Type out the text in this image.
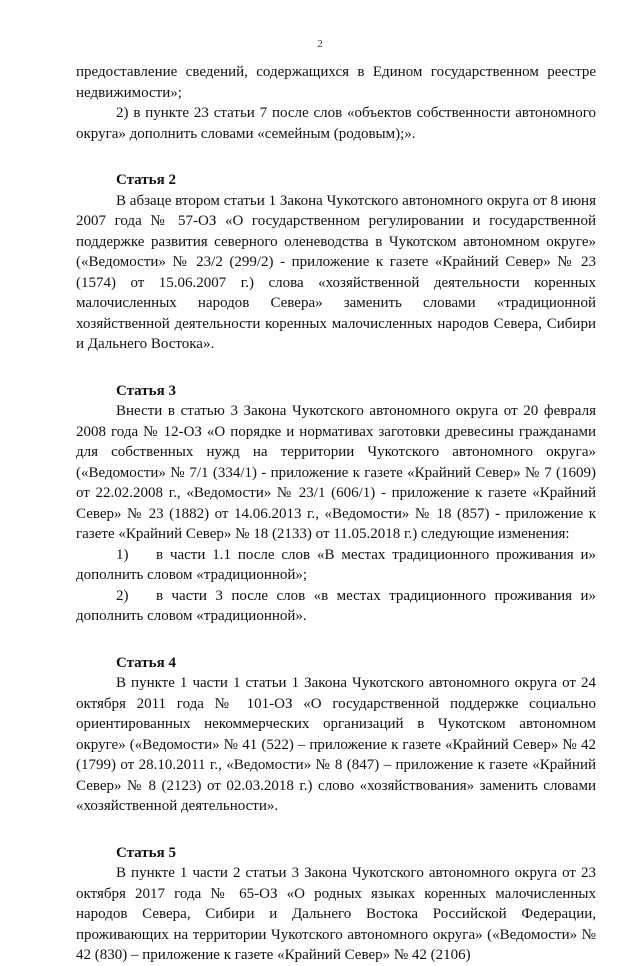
2

предоставление сведений, содержащихся в Едином государственном реестре недвижимости»;

2) в пункте 23 статьи 7 после слов «объектов собственности автономного округа» дополнить словами «семейным (родовым);».

Статья 2

В абзаце втором статьи 1 Закона Чукотского автономного округа от 8 июня 2007 года № 57-ОЗ «О государственном регулировании и государственной поддержке развития северного оленеводства в Чукотском автономном округе» («Ведомости» № 23/2 (299/2) - приложение к газете «Крайний Север» № 23 (1574) от 15.06.2007 г.) слова «хозяйственной деятельности коренных малочисленных народов Севера» заменить словами «традиционной хозяйственной деятельности коренных малочисленных народов Севера, Сибири и Дальнего Востока».

Статья 3

Внести в статью 3 Закона Чукотского автономного округа от 20 февраля 2008 года № 12-ОЗ «О порядке и нормативах заготовки древесины гражданами для собственных нужд на территории Чукотского автономного округа» («Ведомости» № 7/1 (334/1) - приложение к газете «Крайний Север» № 7 (1609) от 22.02.2008 г., «Ведомости» № 23/1 (606/1) - приложение к газете «Крайний Север» № 23 (1882) от 14.06.2013 г., «Ведомости» № 18 (857) - приложение к газете «Крайний Север» № 18 (2133) от 11.05.2018 г.) следующие изменения:

1) в части 1.1 после слов «В местах традиционного проживания и» дополнить словом «традиционной»;

2) в части 3 после слов «в местах традиционного проживания и» дополнить словом «традиционной».

Статья 4

В пункте 1 части 1 статьи 1 Закона Чукотского автономного округа от 24 октября 2011 года № 101-ОЗ «О государственной поддержке социально ориентированных некоммерческих организаций в Чукотском автономном округе» («Ведомости» № 41 (522) – приложение к газете «Крайний Север» № 42 (1799) от 28.10.2011 г., «Ведомости» № 8 (847) – приложение к газете «Крайний Север» № 8 (2123) от 02.03.2018 г.) слово «хозяйствования» заменить словами «хозяйственной деятельности».

Статья 5

В пункте 1 части 2 статьи 3 Закона Чукотского автономного округа от 23 октября 2017 года № 65-ОЗ «О родных языках коренных малочисленных народов Севера, Сибири и Дальнего Востока Российской Федерации, проживающих на территории Чукотского автономного округа» («Ведомости» № 42 (830) – приложение к газете «Крайний Север» № 42 (2106)
